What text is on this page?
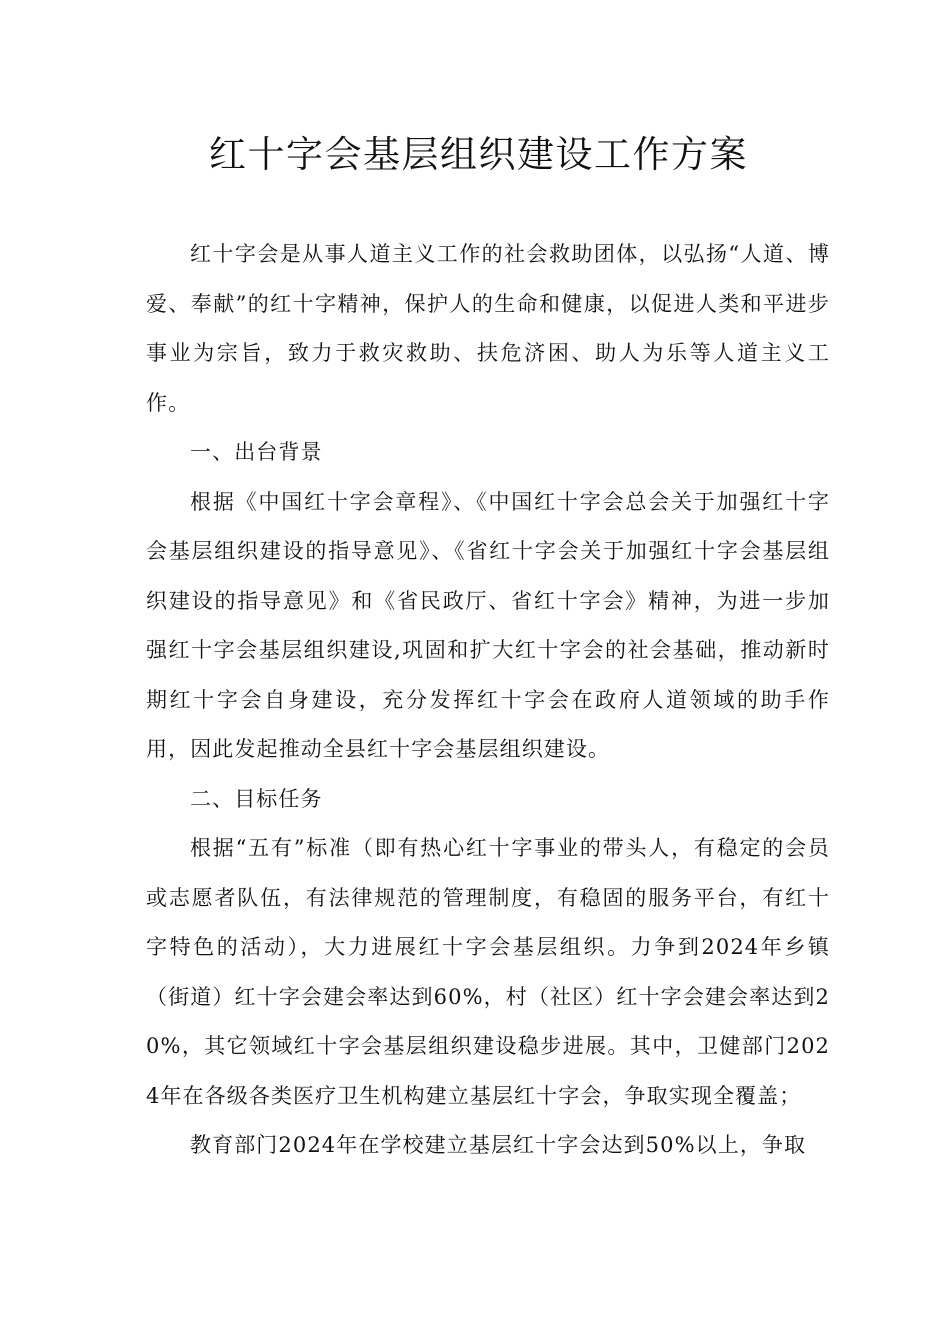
红十字会基层组织建设工作方案

红十字会是从事人道主义工作的社会救助团体，以弘扬“人道、博爱、奉献”的红十字精神，保护人的生命和健康，以促进人类和平进步事业为宗旨，致力于救灾救助、扶危济困、助人为乐等人道主义工作。

一、出台背景

根据《中国红十字会章程》、《中国红十字会总会关于加强红十字会基层组织建设的指导意见》、《省红十字会关于加强红十字会基层组织建设的指导意见》和《省民政厅、省红十字会》精神，为进一步加强红十字会基层组织建设,巩固和扩大红十字会的社会基础，推动新时期红十字会自身建设，充分发挥红十字会在政府人道领域的助手作用，因此发起推动全县红十字会基层组织建设。

二、目标任务

根据“五有”标准（即有热心红十字事业的带头人，有稳定的会员或志愿者队伍，有法律规范的管理制度，有稳固的服务平台，有红十字特色的活动），大力进展红十字会基层组织。力争到2024年乡镇（街道）红十字会建会率达到60%，村（社区）红十字会建会率达到20%，其它领域红十字会基层组织建设稳步进展。其中，卫健部门2024年在各级各类医疗卫生机构建立基层红十字会，争取实现全覆盖；

教育部门2024年在学校建立基层红十字会达到50%以上，争取
